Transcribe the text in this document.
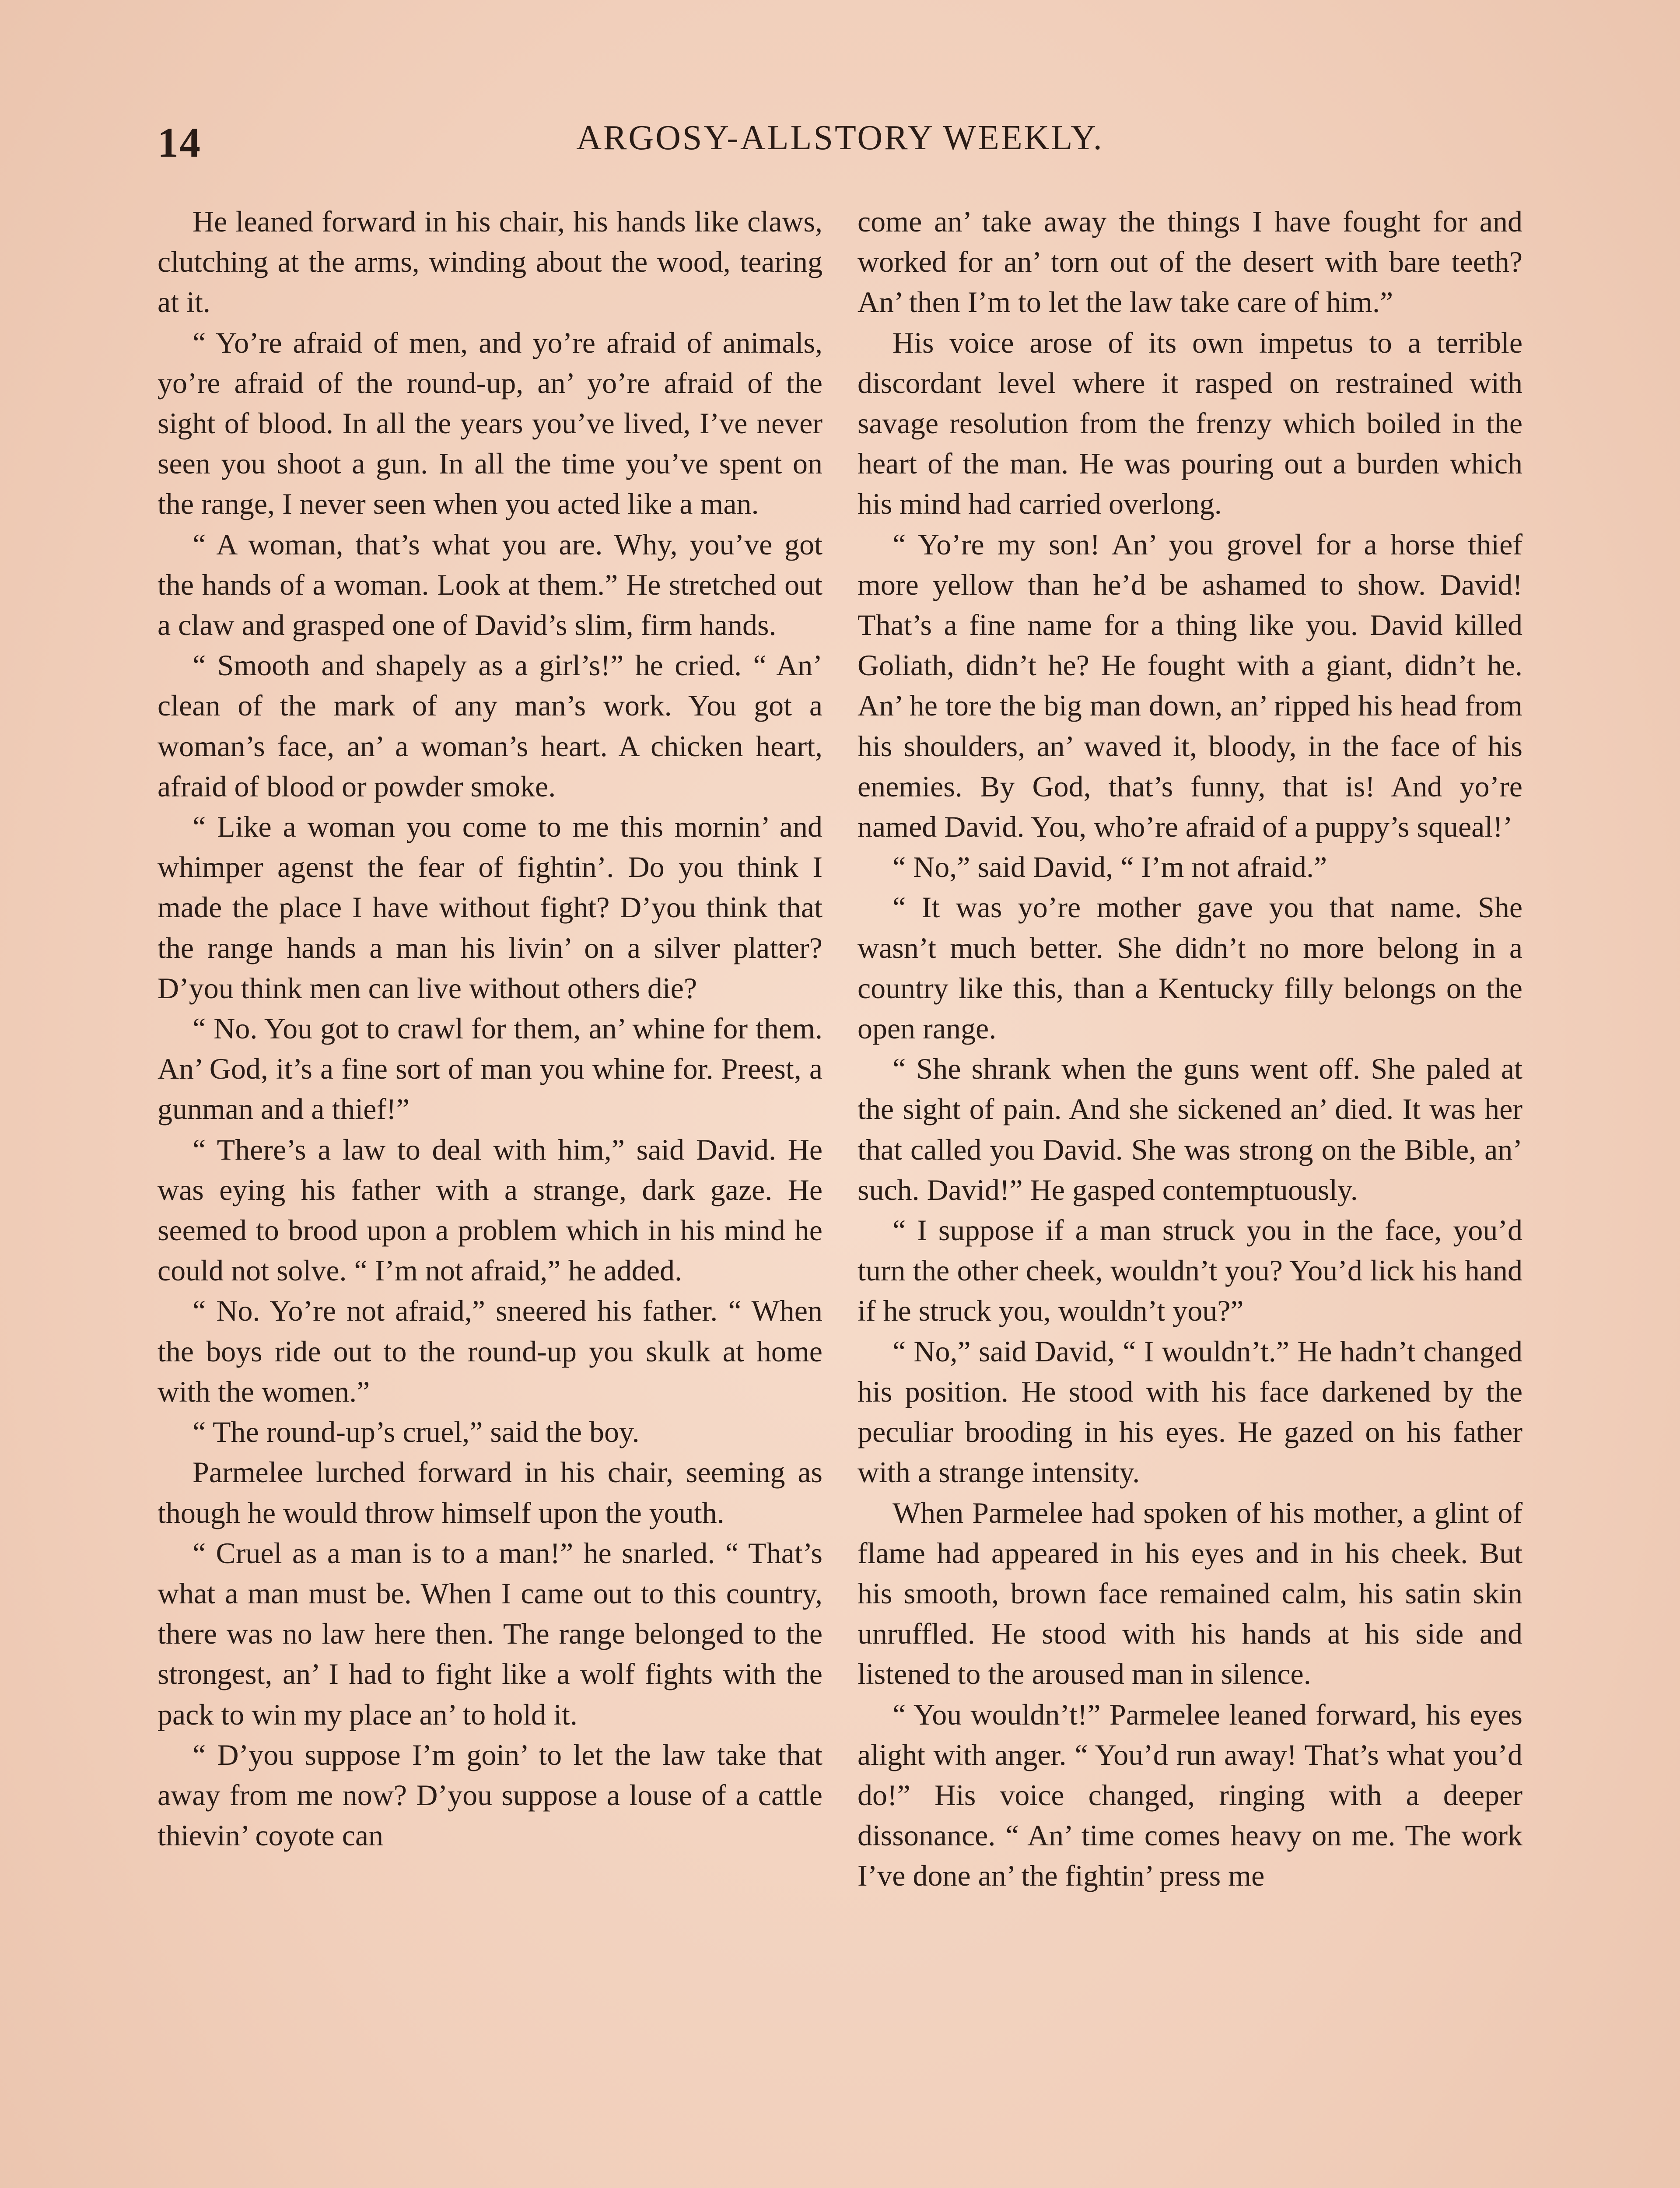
14	ARGOSY-ALLSTORY WEEKLY.

He leaned forward in his chair, his hands like claws, clutching at the arms, winding about the wood, tearing at it.

“ Yo’re afraid of men, and yo’re afraid of animals, yo’re afraid of the round-up, an’ yo’re afraid of the sight of blood. In all the years you’ve lived, I’ve never seen you shoot a gun. In all the time you’ve spent on the range, I never seen when you acted like a man.

“ A woman, that’s what you are. Why, you’ve got the hands of a woman. Look at them.” He stretched out a claw and grasped one of David’s slim, firm hands.

“ Smooth and shapely as a girl’s!” he cried. “ An’ clean of the mark of any man’s work. You got a woman’s face, an’ a woman’s heart. A chicken heart, afraid of blood or powder smoke.

“ Like a woman you come to me this mornin’ and whimper agenst the fear of fightin’. Do you think I made the place I have without fight? D’you think that the range hands a man his livin’ on a silver platter? D’you think men can live without others die?

“ No. You got to crawl for them, an’ whine for them. An’ God, it’s a fine sort of man you whine for. Preest, a gunman and a thief!”

“ There’s a law to deal with him,” said David. He was eying his father with a strange, dark gaze. He seemed to brood upon a problem which in his mind he could not solve. “ I’m not afraid,” he added.

“ No. Yo’re not afraid,” sneered his father. “ When the boys ride out to the round-up you skulk at home with the women.”

“ The round-up’s cruel,” said the boy.

Parmelee lurched forward in his chair, seeming as though he would throw himself upon the youth.

“ Cruel as a man is to a man!” he snarled. “ That’s what a man must be. When I came out to this country, there was no law here then. The range belonged to the strongest, an’ I had to fight like a wolf fights with the pack to win my place an’ to hold it.

“ D’you suppose I’m goin’ to let the law take that away from me now? D’you suppose a louse of a cattle thievin’ coyote can

come an’ take away the things I have fought for and worked for an’ torn out of the desert with bare teeth? An’ then I’m to let the law take care of him.”

His voice arose of its own impetus to a terrible discordant level where it rasped on restrained with savage resolution from the frenzy which boiled in the heart of the man. He was pouring out a burden which his mind had carried overlong.

“ Yo’re my son! An’ you grovel for a horse thief more yellow than he’d be ashamed to show. David! That’s a fine name for a thing like you. David killed Goliath, didn’t he? He fought with a giant, didn’t he. An’ he tore the big man down, an’ ripped his head from his shoulders, an’ waved it, bloody, in the face of his enemies. By God, that’s funny, that is! And yo’re named David. You, who’re afraid of a puppy’s squeal!’

“ No,” said David, “ I’m not afraid.”

“ It was yo’re mother gave you that name. She wasn’t much better. She didn’t no more belong in a country like this, than a Kentucky filly belongs on the open range.

“ She shrank when the guns went off. She paled at the sight of pain. And she sickened an’ died. It was her that called you David. She was strong on the Bible, an’ such. David!” He gasped contemptuously.

“ I suppose if a man struck you in the face, you’d turn the other cheek, wouldn’t you? You’d lick his hand if he struck you, wouldn’t you?”

“ No,” said David, “ I wouldn’t.” He hadn’t changed his position. He stood with his face darkened by the peculiar brooding in his eyes. He gazed on his father with a strange intensity.

When Parmelee had spoken of his mother, a glint of flame had appeared in his eyes and in his cheek. But his smooth, brown face remained calm, his satin skin unruffled. He stood with his hands at his side and listened to the aroused man in silence.

“ You wouldn’t!” Parmelee leaned forward, his eyes alight with anger. “ You’d run away! That’s what you’d do!” His voice changed, ringing with a deeper dissonance. “ An’ time comes heavy on me. The work I’ve done an’ the fightin’ press me
